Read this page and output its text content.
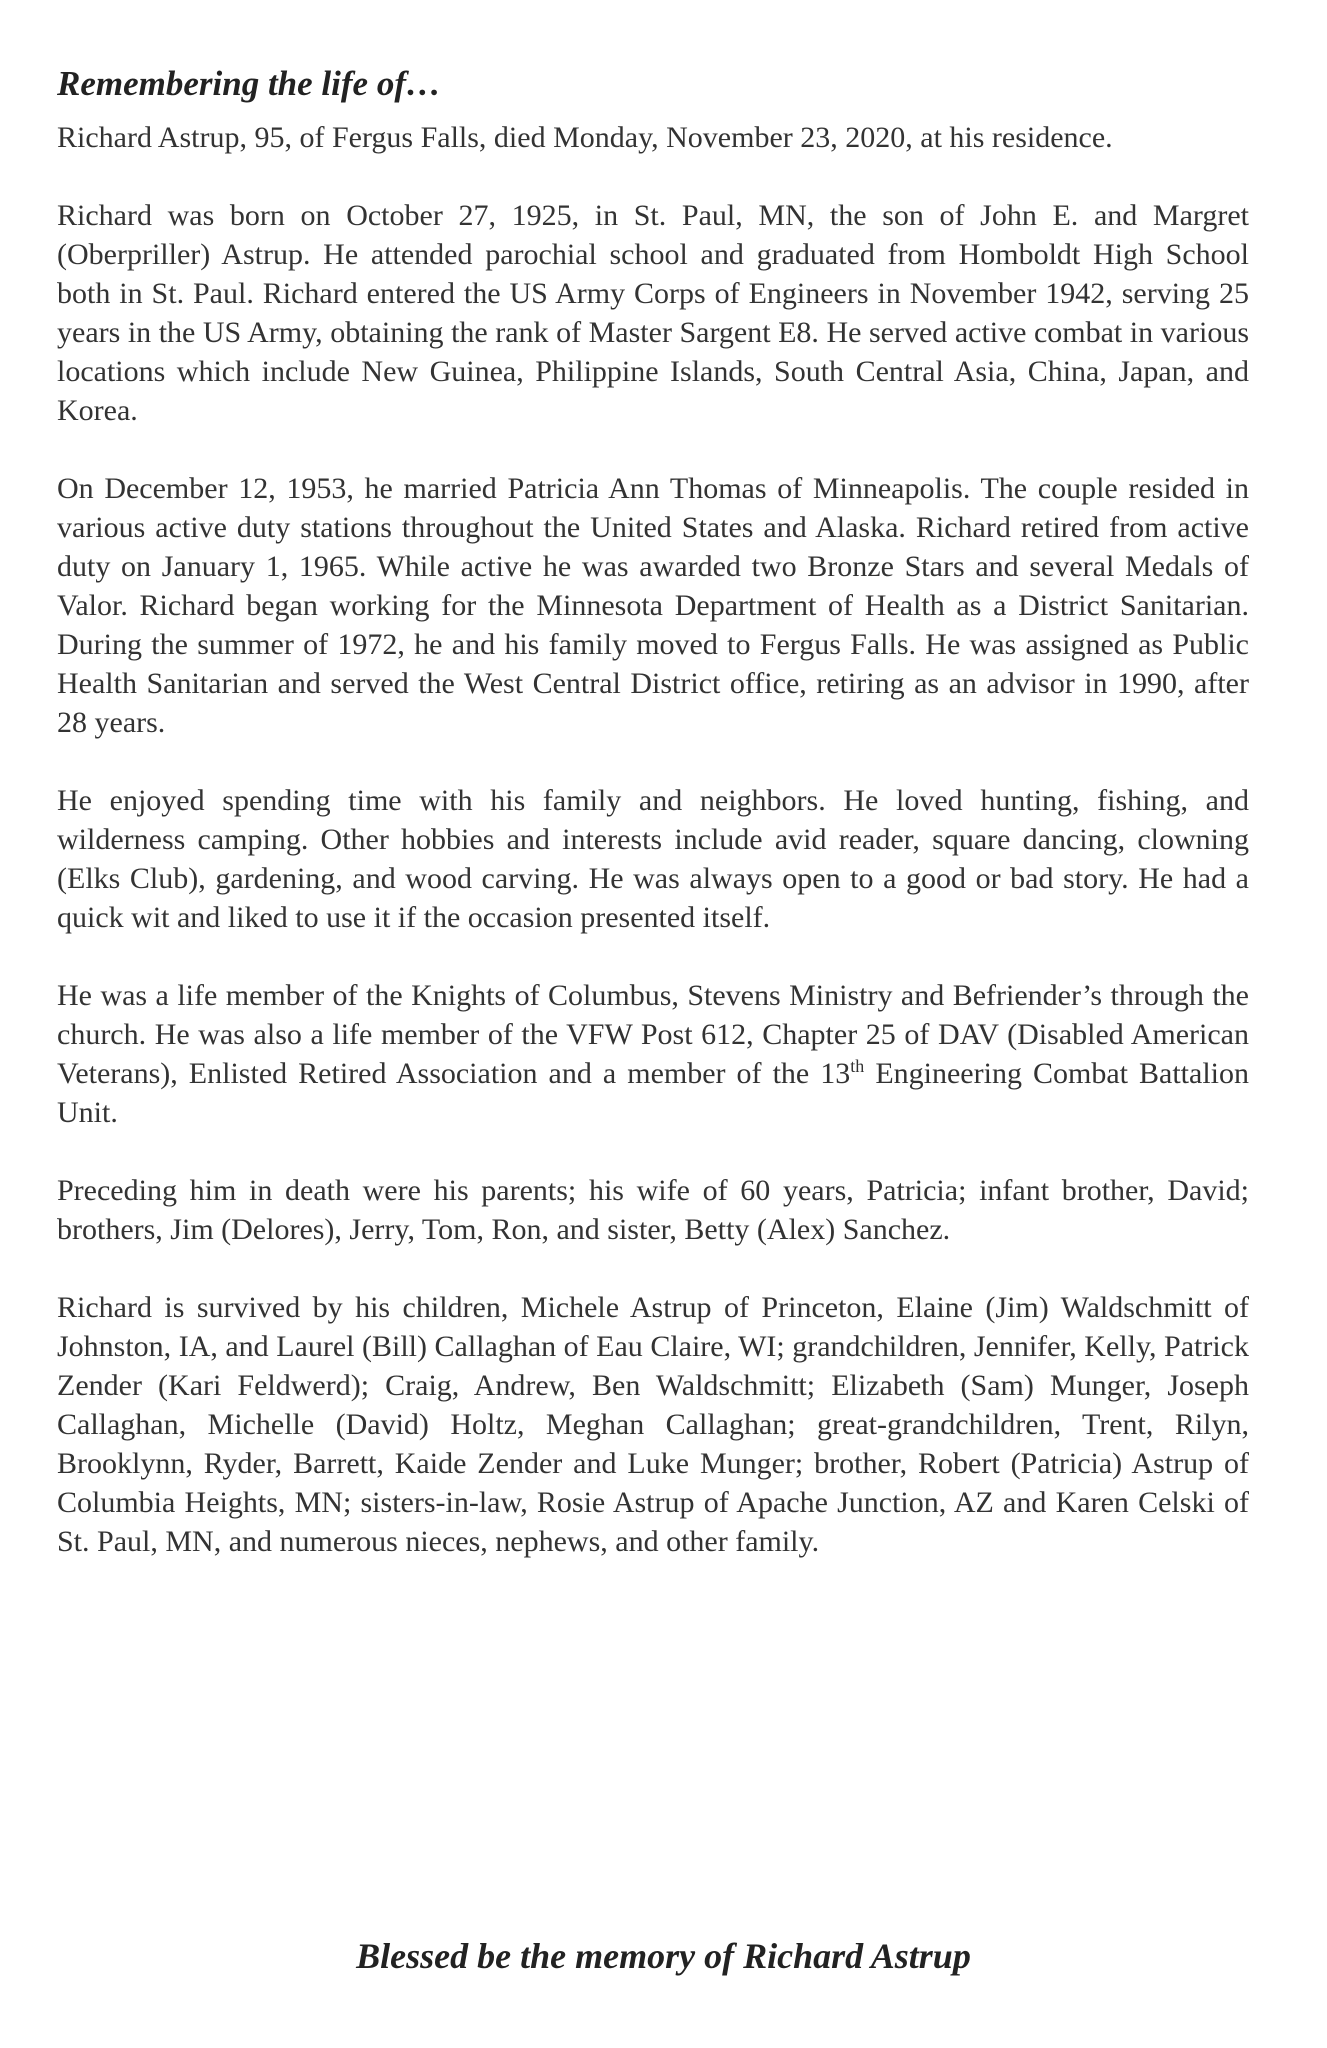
Remembering the life of…

Richard Astrup, 95, of Fergus Falls, died Monday, November 23, 2020, at his residence.

Richard was born on October 27, 1925, in St. Paul, MN, the son of John E. and Margret (Oberpriller) Astrup. He attended parochial school and graduated from Homboldt High School both in St. Paul. Richard entered the US Army Corps of Engineers in November 1942, serving 25 years in the US Army, obtaining the rank of Master Sargent E8. He served active combat in various locations which include New Guinea, Philippine Islands, South Central Asia, China, Japan, and Korea.

On December 12, 1953, he married Patricia Ann Thomas of Minneapolis. The couple resided in various active duty stations throughout the United States and Alaska. Richard retired from active duty on January 1, 1965. While active he was awarded two Bronze Stars and several Medals of Valor. Richard began working for the Minnesota Department of Health as a District Sanitarian. During the summer of 1972, he and his family moved to Fergus Falls. He was assigned as Public Health Sanitarian and served the West Central District office, retiring as an advisor in 1990, after 28 years.

He enjoyed spending time with his family and neighbors. He loved hunting, fishing, and wilderness camping. Other hobbies and interests include avid reader, square dancing, clowning (Elks Club), gardening, and wood carving. He was always open to a good or bad story. He had a quick wit and liked to use it if the occasion presented itself.

He was a life member of the Knights of Columbus, Stevens Ministry and Befriender’s through the church. He was also a life member of the VFW Post 612, Chapter 25 of DAV (Disabled American Veterans), Enlisted Retired Association and a member of the 13th Engineering Combat Battalion Unit.

Preceding him in death were his parents; his wife of 60 years, Patricia; infant brother, David; brothers, Jim (Delores), Jerry, Tom, Ron, and sister, Betty (Alex) Sanchez.

Richard is survived by his children, Michele Astrup of Princeton, Elaine (Jim) Waldschmitt of Johnston, IA, and Laurel (Bill) Callaghan of Eau Claire, WI; grandchildren, Jennifer, Kelly, Patrick Zender (Kari Feldwerd); Craig, Andrew, Ben Waldschmitt; Elizabeth (Sam) Munger, Joseph Callaghan, Michelle (David) Holtz, Meghan Callaghan; great-grandchildren, Trent, Rilyn, Brooklynn, Ryder, Barrett, Kaide Zender and Luke Munger; brother, Robert (Patricia) Astrup of Columbia Heights, MN; sisters-in-law, Rosie Astrup of Apache Junction, AZ and Karen Celski of St. Paul, MN, and numerous nieces, nephews, and other family.

Blessed be the memory of Richard Astrup
